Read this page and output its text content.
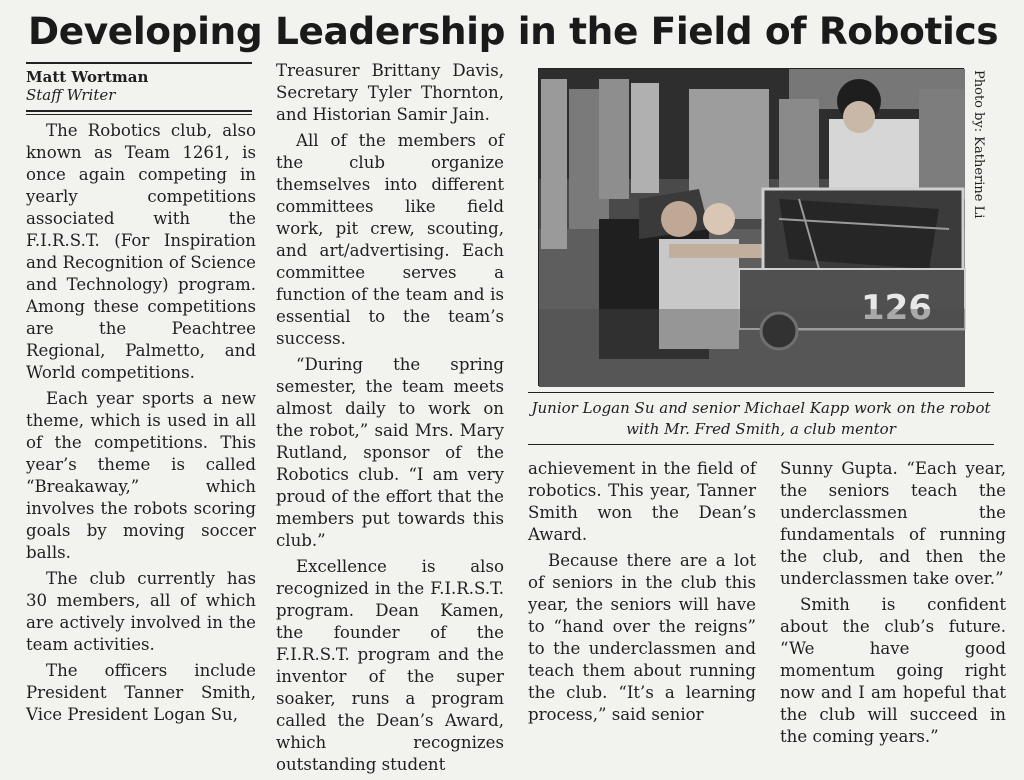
Developing Leadership in the Field of Robotics
Matt Wortman
Staff Writer

The Robotics club, also known as Team 1261, is once again competing in yearly competitions associated with the F.I.R.S.T. (For Inspiration and Recognition of Science and Technology) program. Among these competitions are the Peachtree Regional, Palmetto, and World competitions.

Each year sports a new theme, which is used in all of the competitions. This year’s theme is called “Breakaway,” which involves the robots scoring goals by moving soccer balls.

The club currently has 30 members, all of which are actively involved in the team activities.

The officers include President Tanner Smith, Vice President Logan Su,

Treasurer Brittany Davis, Secretary Tyler Thornton, and Historian Samir Jain.

All of the members of the club organize themselves into different committees like field work, pit crew, scouting, and art/advertising. Each committee serves a function of the team and is essential to the team’s success.

“During the spring semester, the team meets almost daily to work on the robot,” said Mrs. Mary Rutland, sponsor of the Robotics club. “I am very proud of the effort that the members put towards this club.”

Excellence is also recognized in the F.I.R.S.T. program. Dean Kamen, the founder of the F.I.R.S.T. program and the inventor of the super soaker, runs a program called the Dean’s Award, which recognizes outstanding student

126
Photo by: Katherine Li
Junior Logan Su and senior Michael Kapp work on the robot
with Mr. Fred Smith, a club mentor

achievement in the field of robotics. This year, Tanner Smith won the Dean’s Award.

Because there are a lot of seniors in the club this year, the seniors will have to “hand over the reigns” to the underclassmen and teach them about running the club. “It’s a learning process,” said senior

Sunny Gupta. “Each year, the seniors teach the underclassmen the fundamentals of running the club, and then the underclassmen take over.”

Smith is confident about the club’s future. “We have good momentum going right now and I am hopeful that the club will succeed in the coming years.”
